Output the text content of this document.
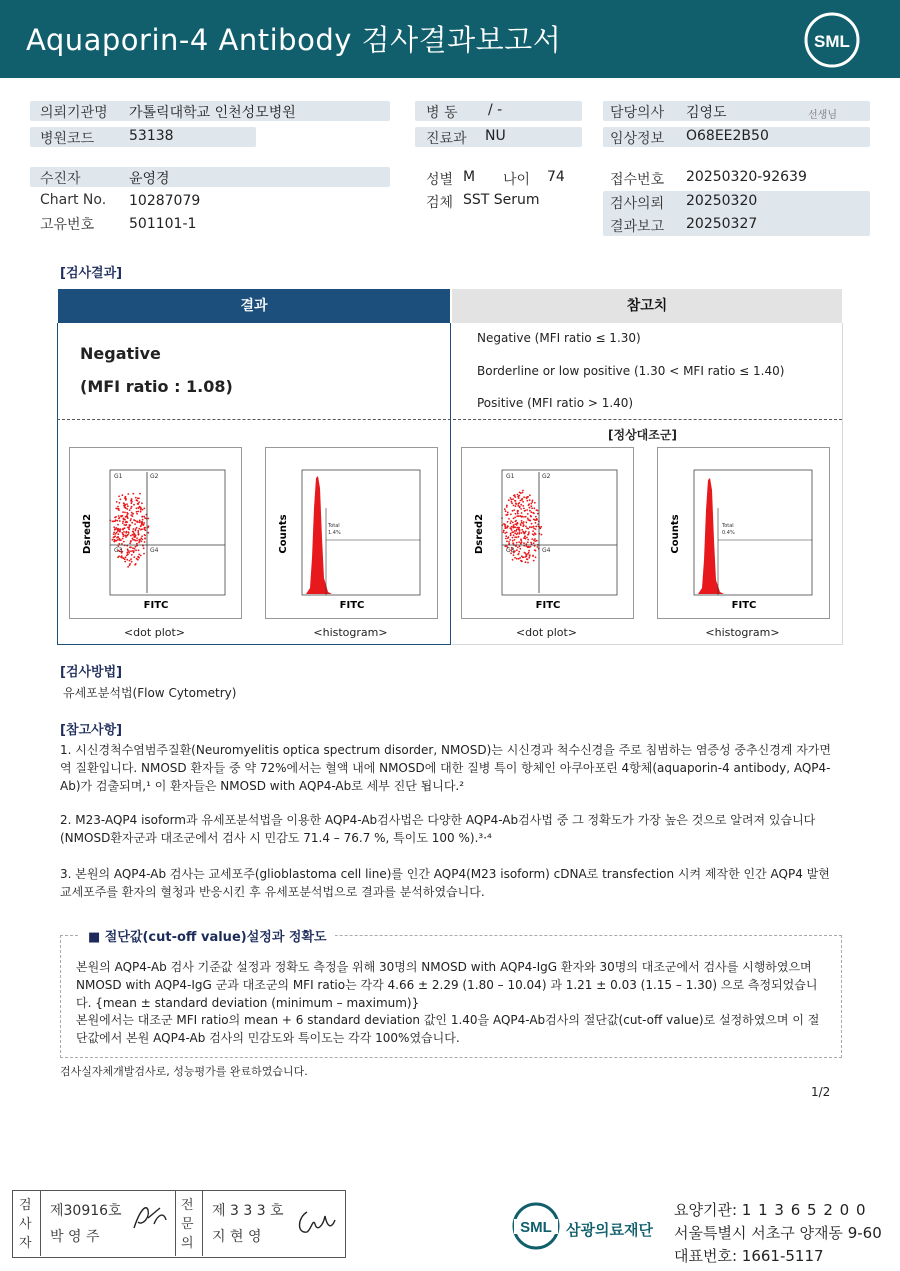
Aquaporin-4 Antibody 검사결과보고서	SML
의뢰기관명 가톨릭대학교 인천성모병원
병원코드 53138
병 동 / -
진료과 NU
담당의사 김영도	선생님
임상정보 O68EE2B50
수진자	윤영경
Chart No. 10287079
고유번호 501101-1
성별 M 나이 74
검체 SST Serum
접수번호 20250320-92639
검사의뢰 20250320
결과보고 20250327
[검사결과]
결과	참고치
Negative
(MFI ratio : 1.08)
Negative (MFI ratio ≤ 1.30)
Borderline or low positive (1.30 < MFI ratio ≤ 1.40)
Positive (MFI ratio > 1.40)
[정상대조군]
G1	G2
G3	G4
FITC
Dsred2	Total
1.4%
FITC
Counts
G1	G2
G3	G4
FITC
Dsred2	Total
0.4%
FITC
Counts
<dot plot>	<histogram>	<dot plot>	<histogram>
[검사방법]
유세포분석법(Flow Cytometry)
[참고사항]
1. 시신경척수염범주질환(Neuromyelitis optica spectrum disorder, NMOSD)는 시신경과 척수신경을 주로 침범하는 염증성 중추신경계 자가면역 질환입니다. NMOSD 환자들 중 약 72%에서는 혈액 내에 NMOSD에 대한 질병 특이 항체인 아쿠아포린 4항체(aquaporin-4 antibody, AQP4-Ab)가 검출되며,¹ 이 환자들은 NMOSD with AQP4-Ab로 세부 진단 됩니다.²
2. M23-AQP4 isoform과 유세포분석법을 이용한 AQP4-Ab검사법은 다양한 AQP4-Ab검사법 중 그 정확도가 가장 높은 것으로 알려져 있습니다(NMOSD환자군과 대조군에서 검사 시 민감도 71.4 – 76.7 %, 특이도 100 %).³·⁴
3. 본원의 AQP4-Ab 검사는 교세포주(glioblastoma cell line)를 인간 AQP4(M23 isoform) cDNA로 transfection 시켜 제작한 인간 AQP4 발현 교세포주를 환자의 혈청과 반응시킨 후 유세포분석법으로 결과를 분석하였습니다.
■ 절단값(cut-off value)설정과 정확도
본원의 AQP4-Ab 검사 기준값 설정과 정확도 측정을 위해 30명의 NMOSD with AQP4-IgG 환자와 30명의 대조군에서 검사를 시행하였으며 NMOSD with AQP4-IgG 군과 대조군의 MFI ratio는 각각 4.66 ± 2.29 (1.80 – 10.04) 과 1.21 ± 0.03 (1.15 – 1.30) 으로 측정되었습니다. {mean ± standard deviation (minimum – maximum)}
본원에서는 대조군 MFI ratio의 mean + 6 standard deviation 값인 1.40을 AQP4-Ab검사의 절단값(cut-off value)로 설정하였으며 이 절단값에서 본원 AQP4-Ab 검사의 민감도와 특이도는 각각 100%였습니다.
검사실자체개발검사로, 성능평가를 완료하였습니다.
1/2
검
사
자
제30916호
박 영 주
전
문
의
제 3 3 3 호
지 현 영
SML 삼광의료재단
요양기관: 1 1 3 6 5 2 0 0
서울특별시 서초구 양재동 9-60
대표번호: 1661-5117
